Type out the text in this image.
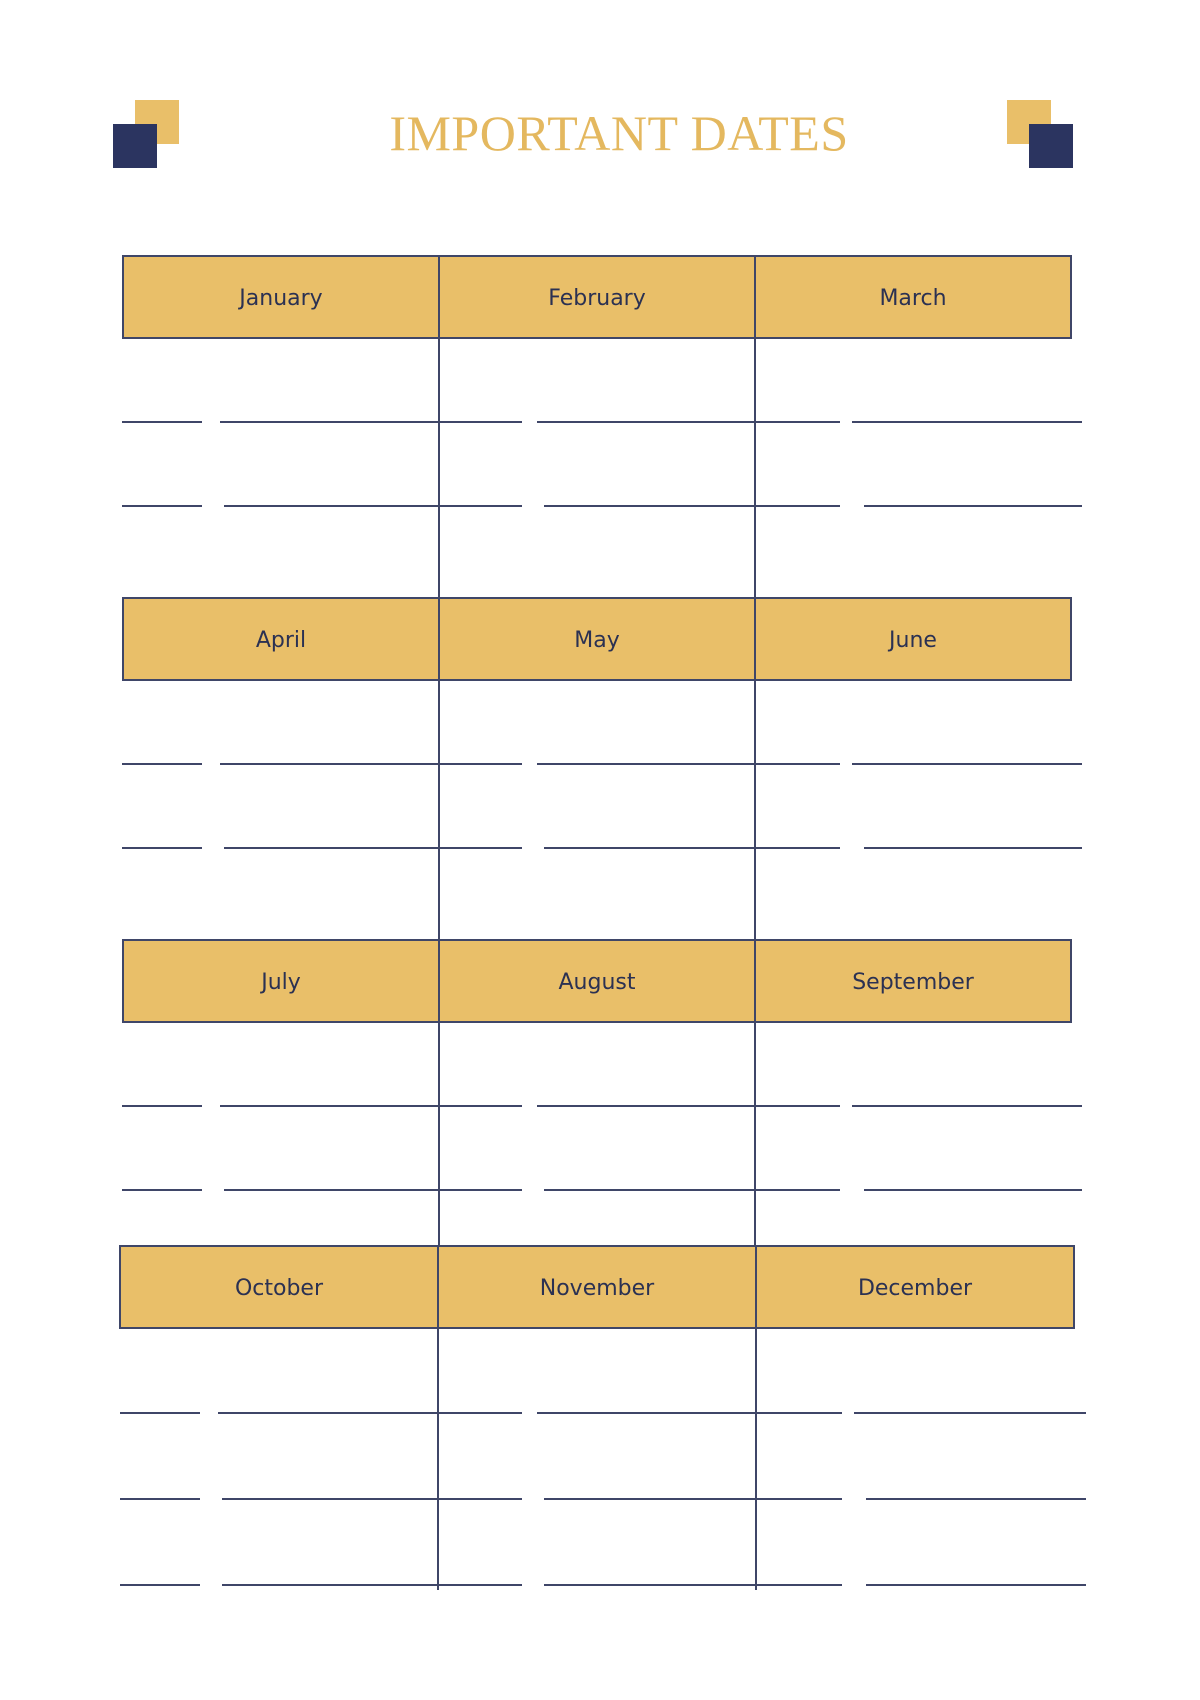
IMPORTANT DATES
January	February	March
April	May	June
July	August	September
October	November	December
